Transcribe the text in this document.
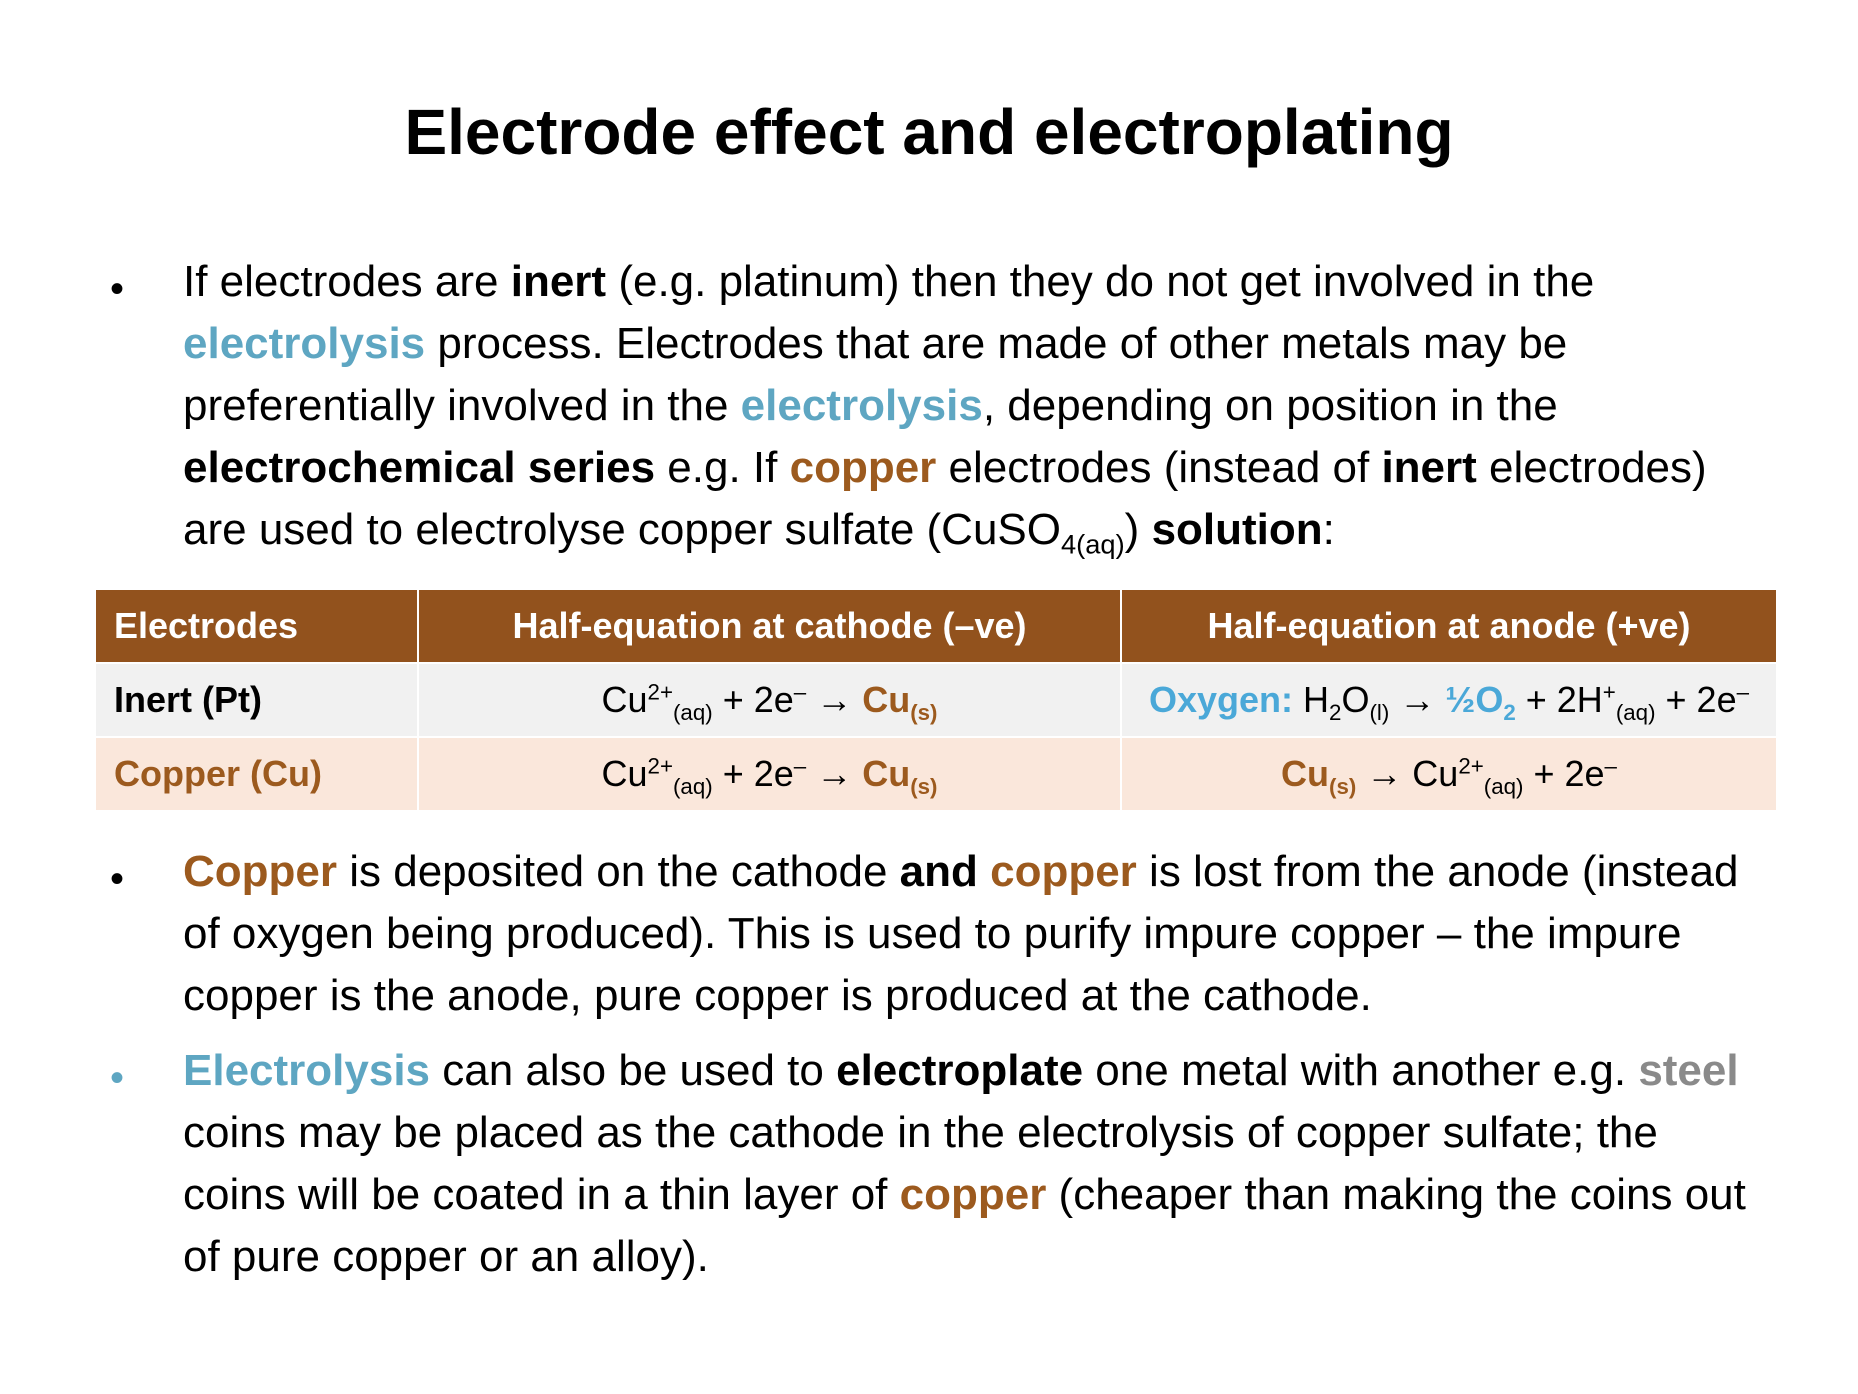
Electrode effect and electroplating
• If electrodes are inert (e.g. platinum) then they do not get involved in the electrolysis process. Electrodes that are made of other metals may be preferentially involved in the electrolysis, depending on position in the electrochemical series e.g. If copper electrodes (instead of inert electrodes) are used to electrolyse copper sulfate (CuSO$_{4(aq)}$) solution:
Electrodes	Half-equation at cathode (–ve)	Half-equation at anode (+ve)
Inert (Pt)	$Cu^{2+}_{(aq)} + 2e^- \to Cu_{(s)}$	Oxygen: $H_2O_{(l)}$ → $\frac{1}{2}O_2 + 2H^+_{(aq)} + 2e^-$
Copper (Cu)	$Cu^{2+}_{(aq)} + 2e^- \to Cu_{(s)}$	$Cu_{(s)} \to Cu^{2+}_{(aq)} + 2e^-$
• Copper is deposited on the cathode and copper is lost from the anode (instead of oxygen being produced). This is used to purify impure copper – the impure copper is the anode, pure copper is produced at the cathode.
• Electrolysis can also be used to electroplate one metal with another e.g. steel coins may be placed as the cathode in the electrolysis of copper sulfate; the coins will be coated in a thin layer of copper (cheaper than making the coins out of pure copper or an alloy).
